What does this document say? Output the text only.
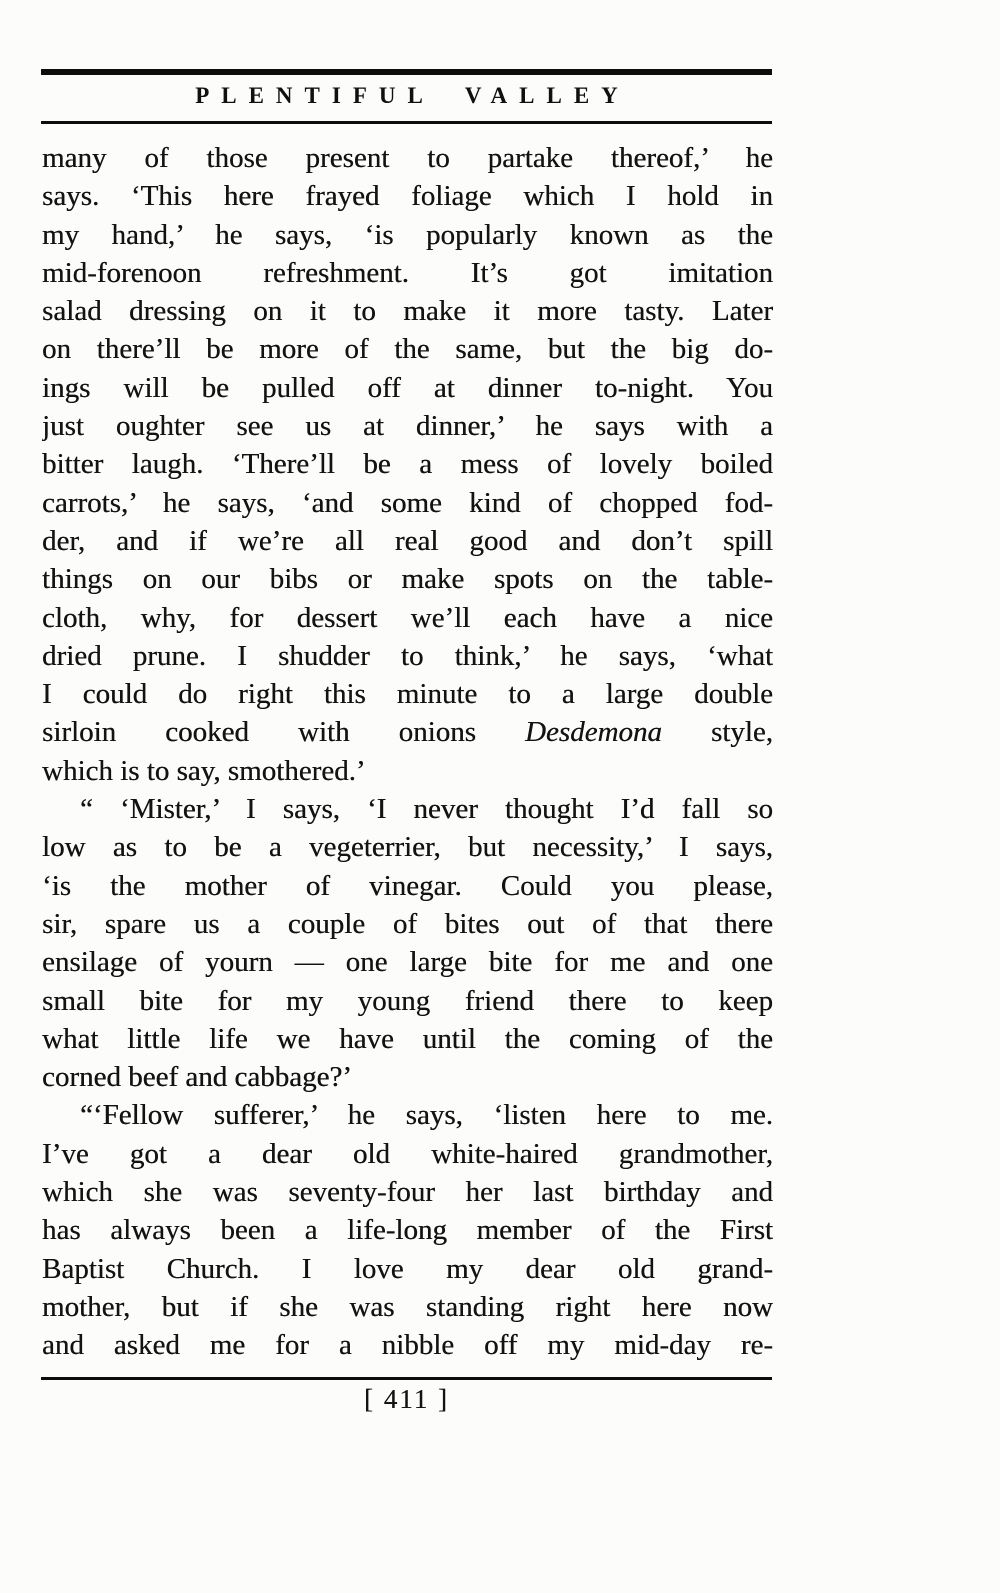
PLENTIFUL VALLEY
many of those present to partake thereof,’ he
says. ‘This here frayed foliage which I hold in
my hand,’ he says, ‘is popularly known as the
mid-forenoon refreshment. It’s got imitation
salad dressing on it to make it more tasty. Later
on there’ll be more of the same, but the big do-
ings will be pulled off at dinner to-night. You
just oughter see us at dinner,’ he says with a
bitter laugh. ‘There’ll be a mess of lovely boiled
carrots,’ he says, ‘and some kind of chopped fod-
der, and if we’re all real good and don’t spill
things on our bibs or make spots on the table-
cloth, why, for dessert we’ll each have a nice
dried prune. I shudder to think,’ he says, ‘what
I could do right this minute to a large double
sirloin cooked with onions Desdemona style,
which is to say, smothered.’
“ ‘Mister,’ I says, ‘I never thought I’d fall so
low as to be a vegeterrier, but necessity,’ I says,
‘is the mother of vinegar. Could you please,
sir, spare us a couple of bites out of that there
ensilage of yourn — one large bite for me and one
small bite for my young friend there to keep
what little life we have until the coming of the
corned beef and cabbage?’
“‘Fellow sufferer,’ he says, ‘listen here to me.
I’ve got a dear old white-haired grandmother,
which she was seventy-four her last birthday and
has always been a life-long member of the First
Baptist Church. I love my dear old grand-
mother, but if she was standing right here now
and asked me for a nibble off my mid-day re-
[ 411 ]
